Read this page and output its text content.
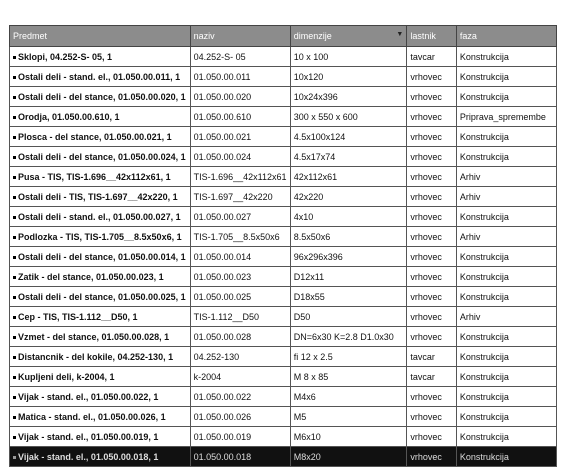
Predmet	naziv	dimenzije ▼	lastnik	faza
Sklopi, 04.252-S- 05, 1	04.252-S- 05	10 x 100	tavcar	Konstrukcija
Ostali deli - stand. el., 01.050.00.011, 1	01.050.00.011	10x120	vrhovec	Konstrukcija
Ostali deli - del stance, 01.050.00.020, 1	01.050.00.020	10x24x396	vrhovec	Konstrukcija
Orodja, 01.050.00.610, 1	01.050.00.610	300 x 550 x 600	vrhovec	Priprava_spremembe
Plosca - del stance, 01.050.00.021, 1	01.050.00.021	4.5x100x124	vrhovec	Konstrukcija
Ostali deli - del stance, 01.050.00.024, 1	01.050.00.024	4.5x17x74	vrhovec	Konstrukcija
Pusa - TIS, TIS-1.696__42x112x61, 1	TIS-1.696__42x112x61	42x112x61	vrhovec	Arhiv
Ostali deli - TIS, TIS-1.697__42x220, 1	TIS-1.697__42x220	42x220	vrhovec	Arhiv
Ostali deli - stand. el., 01.050.00.027, 1	01.050.00.027	4x10	vrhovec	Konstrukcija
Podlozka - TIS, TIS-1.705__8.5x50x6, 1	TIS-1.705__8.5x50x6	8.5x50x6	vrhovec	Arhiv
Ostali deli - del stance, 01.050.00.014, 1	01.050.00.014	96x296x396	vrhovec	Konstrukcija
Zatik - del stance, 01.050.00.023, 1	01.050.00.023	D12x11	vrhovec	Konstrukcija
Ostali deli - del stance, 01.050.00.025, 1	01.050.00.025	D18x55	vrhovec	Konstrukcija
Cep - TIS, TIS-1.112__D50, 1	TIS-1.112__D50	D50	vrhovec	Arhiv
Vzmet - del stance, 01.050.00.028, 1	01.050.00.028	DN=6x30 K=2.8 D1.0x30	vrhovec	Konstrukcija
Distancnik - del kokile, 04.252-130, 1	04.252-130	fi 12 x 2.5	tavcar	Konstrukcija
Kupljeni deli, k-2004, 1	k-2004	M 8 x 85	tavcar	Konstrukcija
Vijak - stand. el., 01.050.00.022, 1	01.050.00.022	M4x6	vrhovec	Konstrukcija
Matica - stand. el., 01.050.00.026, 1	01.050.00.026	M5	vrhovec	Konstrukcija
Vijak - stand. el., 01.050.00.019, 1	01.050.00.019	M6x10	vrhovec	Konstrukcija
Vijak - stand. el., 01.050.00.018, 1	01.050.00.018	M8x20	vrhovec	Konstrukcija
